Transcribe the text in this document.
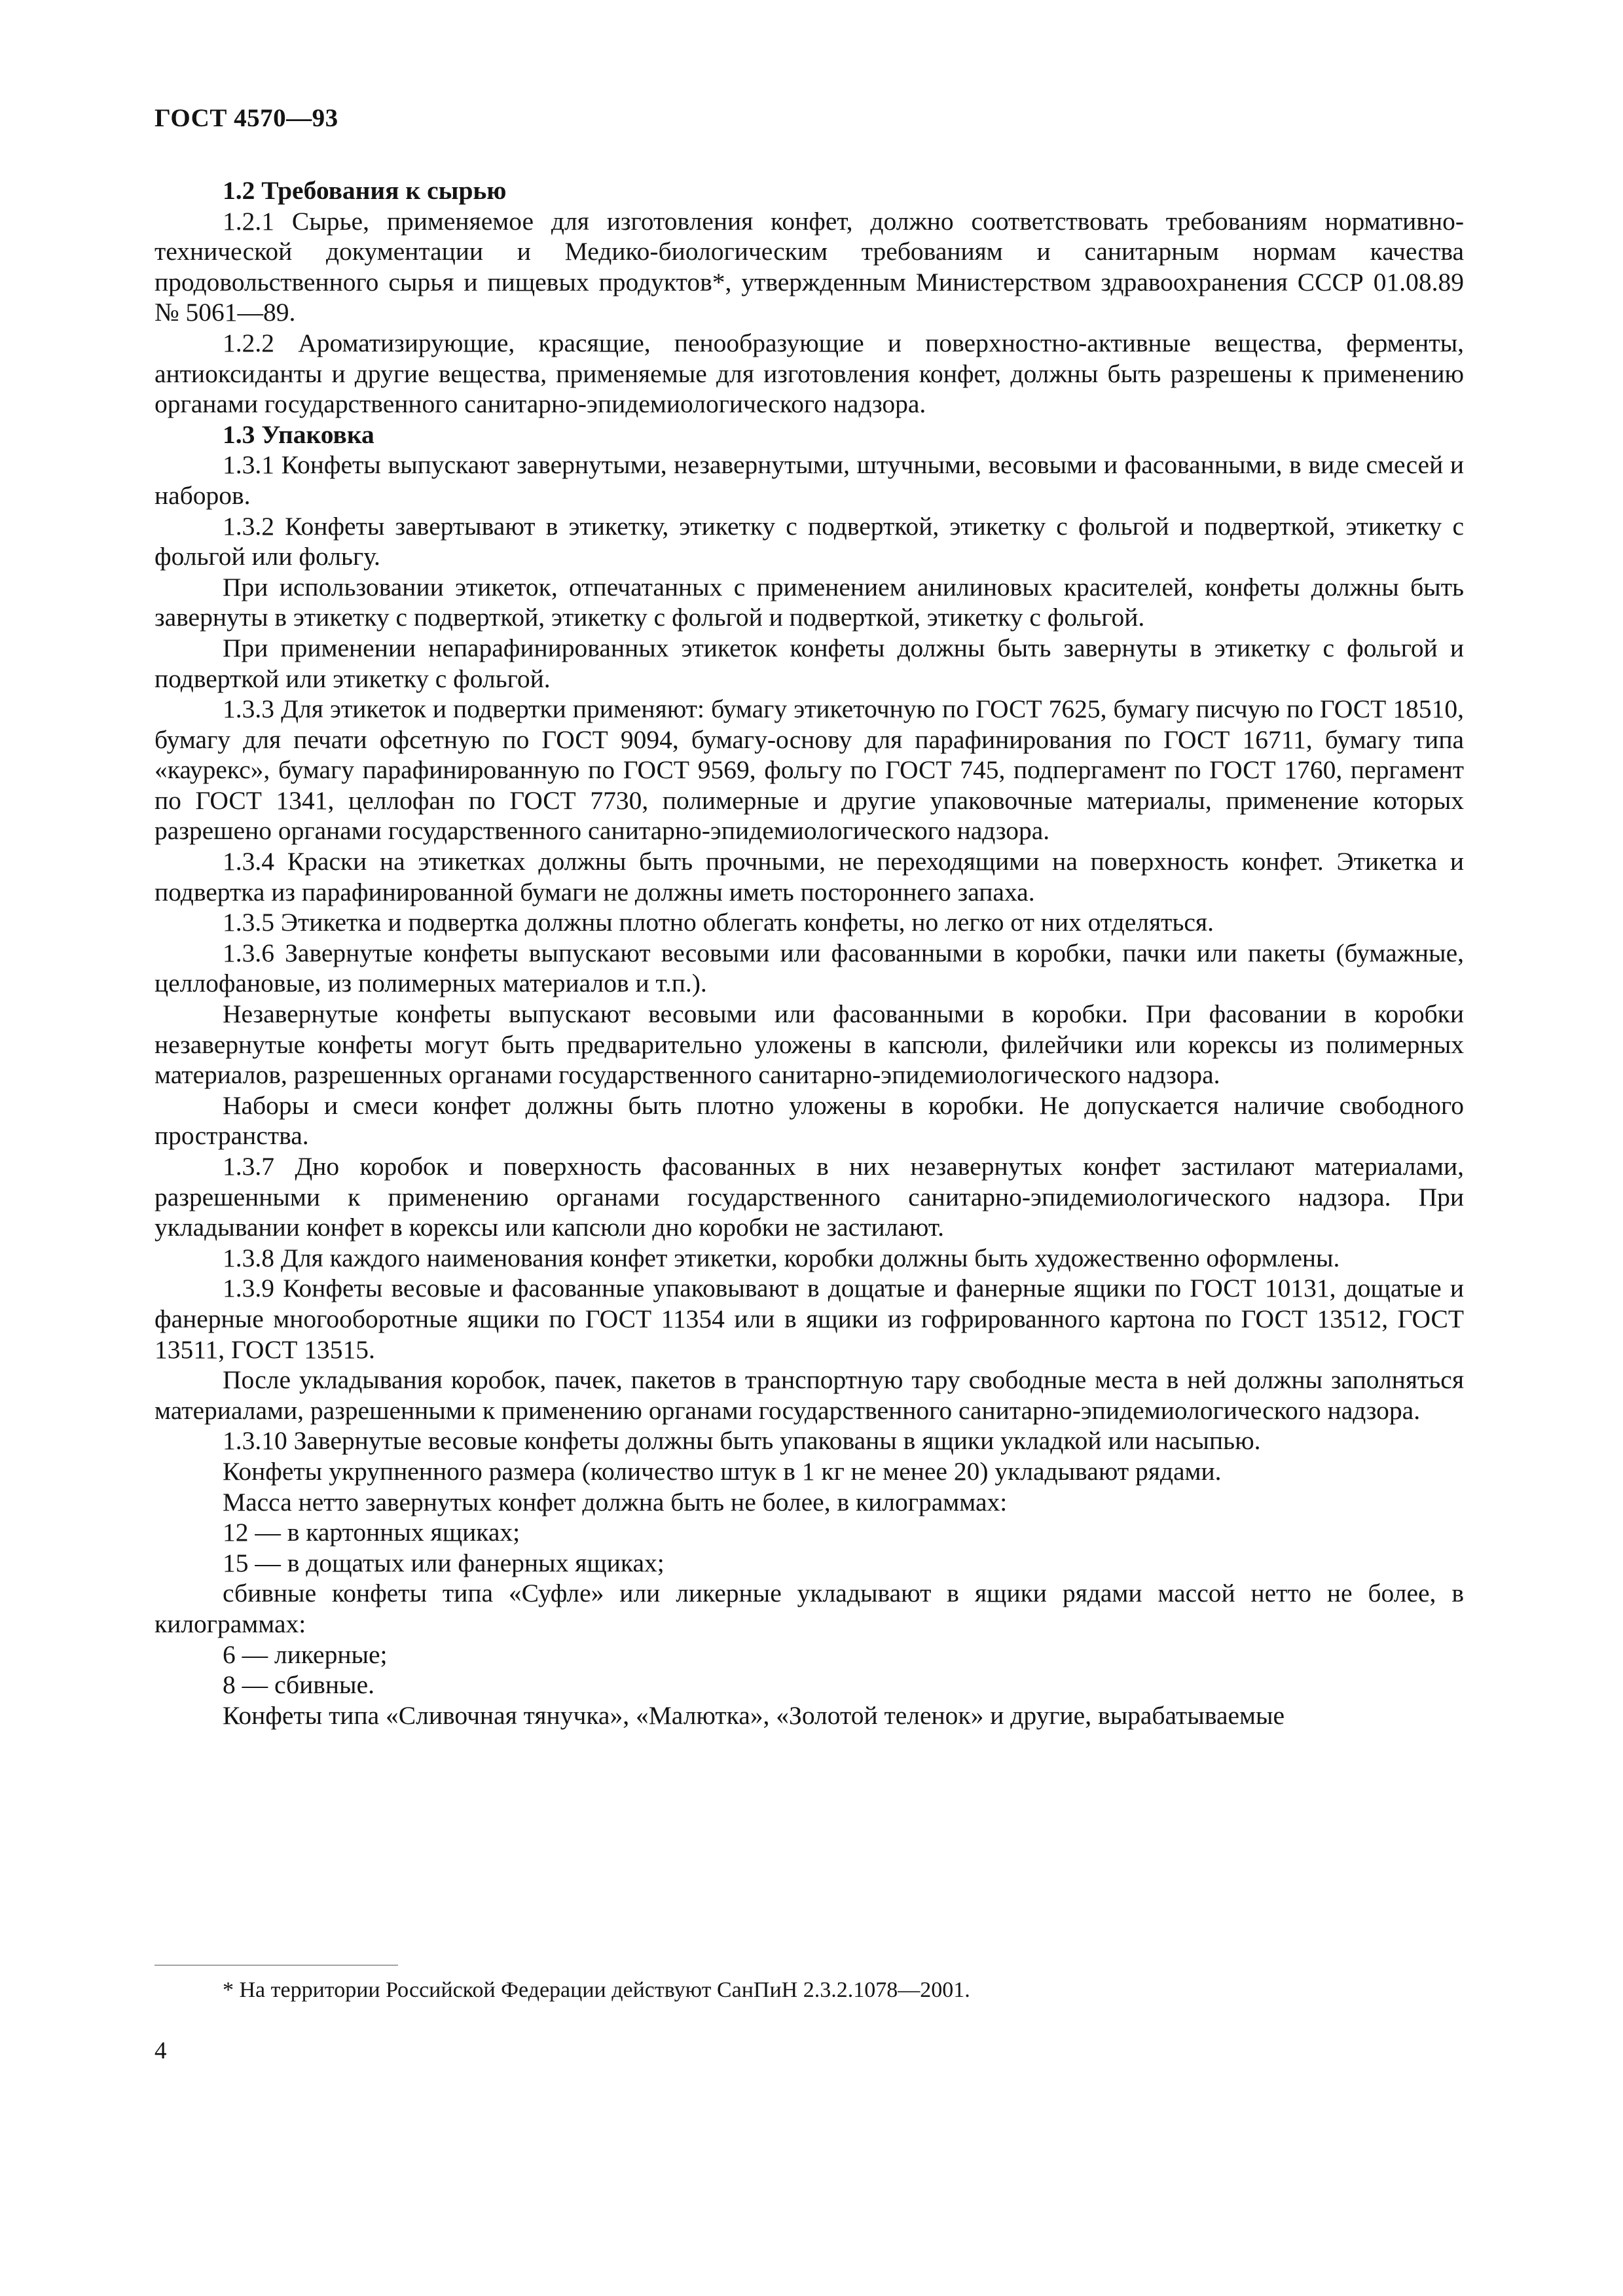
ГОСТ 4570—93

1.2 Требования к сырью

1.2.1 Сырье, применяемое для изготовления конфет, должно соответствовать требованиям нормативно-технической документации и Медико-биологическим требованиям и санитарным нормам качества продовольственного сырья и пищевых продуктов*, утвержденным Министерством здравоохранения СССР 01.08.89 № 5061—89.

1.2.2 Ароматизирующие, красящие, пенообразующие и поверхностно-активные вещества, ферменты, антиоксиданты и другие вещества, применяемые для изготовления конфет, должны быть разрешены к применению органами государственного санитарно-эпидемиологического надзора.

1.3 Упаковка

1.3.1 Конфеты выпускают завернутыми, незавернутыми, штучными, весовыми и фасованными, в виде смесей и наборов.

1.3.2 Конфеты завертывают в этикетку, этикетку с подверткой, этикетку с фольгой и подверткой, этикетку с фольгой или фольгу.

При использовании этикеток, отпечатанных с применением анилиновых красителей, конфеты должны быть завернуты в этикетку с подверткой, этикетку с фольгой и подверткой, этикетку с фольгой.

При применении непарафинированных этикеток конфеты должны быть завернуты в этикетку с фольгой и подверткой или этикетку с фольгой.

1.3.3 Для этикеток и подвертки применяют: бумагу этикеточную по ГОСТ 7625, бумагу писчую по ГОСТ 18510, бумагу для печати офсетную по ГОСТ 9094, бумагу-основу для парафинирования по ГОСТ 16711, бумагу типа «каурекс», бумагу парафинированную по ГОСТ 9569, фольгу по ГОСТ 745, подпергамент по ГОСТ 1760, пергамент по ГОСТ 1341, целлофан по ГОСТ 7730, полимерные и другие упаковочные материалы, применение которых разрешено органами государственного санитарно-эпидемиологического надзора.

1.3.4 Краски на этикетках должны быть прочными, не переходящими на поверхность конфет. Этикетка и подвертка из парафинированной бумаги не должны иметь постороннего запаха.

1.3.5 Этикетка и подвертка должны плотно облегать конфеты, но легко от них отделяться.

1.3.6 Завернутые конфеты выпускают весовыми или фасованными в коробки, пачки или пакеты (бумажные, целлофановые, из полимерных материалов и т.п.).

Незавернутые конфеты выпускают весовыми или фасованными в коробки. При фасовании в коробки незавернутые конфеты могут быть предварительно уложены в капсюли, филейчики или корексы из полимерных материалов, разрешенных органами государственного санитарно-эпидемиологического надзора.

Наборы и смеси конфет должны быть плотно уложены в коробки. Не допускается наличие свободного пространства.

1.3.7 Дно коробок и поверхность фасованных в них незавернутых конфет застилают материалами, разрешенными к применению органами государственного санитарно-эпидемиологического надзора. При укладывании конфет в корексы или капсюли дно коробки не застилают.

1.3.8 Для каждого наименования конфет этикетки, коробки должны быть художественно оформлены.

1.3.9 Конфеты весовые и фасованные упаковывают в дощатые и фанерные ящики по ГОСТ 10131, дощатые и фанерные многооборотные ящики по ГОСТ 11354 или в ящики из гофрированного картона по ГОСТ 13512, ГОСТ 13511, ГОСТ 13515.

После укладывания коробок, пачек, пакетов в транспортную тару свободные места в ней должны заполняться материалами, разрешенными к применению органами государственного санитарно-эпидемиологического надзора.

1.3.10 Завернутые весовые конфеты должны быть упакованы в ящики укладкой или насыпью.

Конфеты укрупненного размера (количество штук в 1 кг не менее 20) укладывают рядами.

Масса нетто завернутых конфет должна быть не более, в килограммах:

12 — в картонных ящиках;

15 — в дощатых или фанерных ящиках;

сбивные конфеты типа «Суфле» или ликерные укладывают в ящики рядами массой нетто не более, в килограммах:

6 — ликерные;

8 — сбивные.

Конфеты типа «Сливочная тянучка», «Малютка», «Золотой теленок» и другие, вырабатываемые

* На территории Российской Федерации действуют СанПиН 2.3.2.1078—2001.
4
